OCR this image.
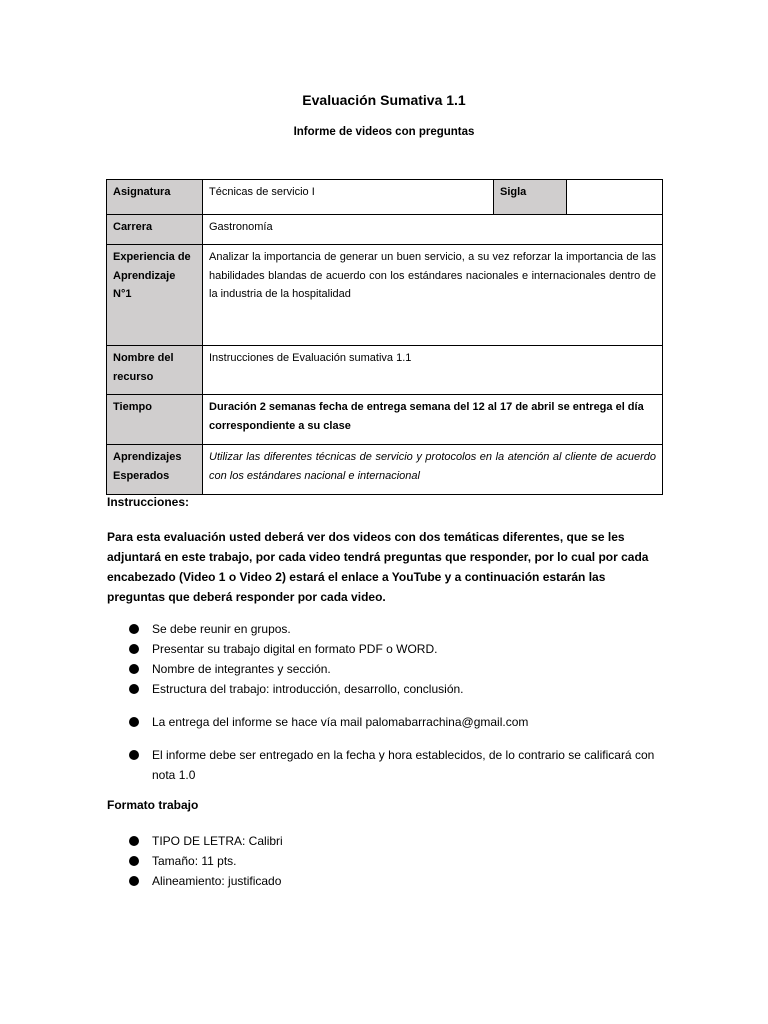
Evaluación Sumativa 1.1
Informe de videos con preguntas
Asignatura	Técnicas de servicio I	Sigla	
Carrera	Gastronomía		
Experiencia de Aprendizaje N°1	Analizar la importancia de generar un buen servicio, a su vez reforzar la importancia de las habilidades blandas de acuerdo con los estándares nacionales e internacionales dentro de la industria de la hospitalidad		
Nombre del recurso	Instrucciones de Evaluación sumativa 1.1		
Tiempo	Duración 2 semanas fecha de entrega semana del 12 al 17 de abril se entrega el día correspondiente a su clase		
Aprendizajes Esperados	Utilizar las diferentes técnicas de servicio y protocolos en la atención al cliente de acuerdo con los estándares nacional e internacional		
Instrucciones:
Para esta evaluación usted deberá ver dos videos con dos temáticas diferentes, que se les adjuntará en este trabajo, por cada video tendrá preguntas que responder, por lo cual por cada encabezado (Video 1 o Video 2) estará el enlace a YouTube y a continuación estarán las preguntas que deberá responder por cada video.
Se debe reunir en grupos.
Presentar su trabajo digital en formato PDF o WORD.
Nombre de integrantes y sección.
Estructura del trabajo: introducción, desarrollo, conclusión.
La entrega del informe se hace vía mail palomabarrachina@gmail.com
El informe debe ser entregado en la fecha y hora establecidos, de lo contrario se calificará con nota 1.0
Formato trabajo
TIPO DE LETRA: Calibri
Tamaño: 11 pts.
Alineamiento: justificado
